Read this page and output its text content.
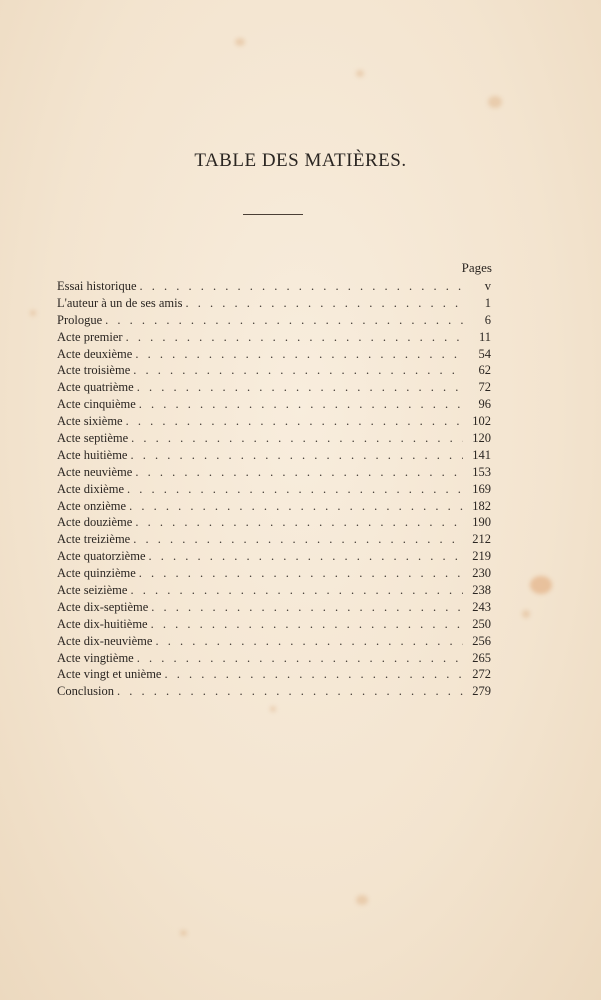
TABLE DES MATIÈRES.
Pages
Essai historique . . .	v
L'auteur à un de ses amis . . .	1
Prologue . . .	6
Acte premier . . .	11
Acte deuxième . . .	54
Acte troisième . . .	62
Acte quatrième . . .	72
Acte cinquième . . .	96
Acte sixième . . .	102
Acte septième . . .	120
Acte huitième . . .	141
Acte neuvième . . .	153
Acte dixième . . .	169
Acte onzième . . .	182
Acte douzième . . .	190
Acte treizième . . .	212
Acte quatorzième . . .	219
Acte quinzième . . .	230
Acte seizième . . .	238
Acte dix-septième . . .	243
Acte dix-huitième . . .	250
Acte dix-neuvième . . .	256
Acte vingtième . . .	265
Acte vingt et unième . . .	272
Conclusion . . .	279
